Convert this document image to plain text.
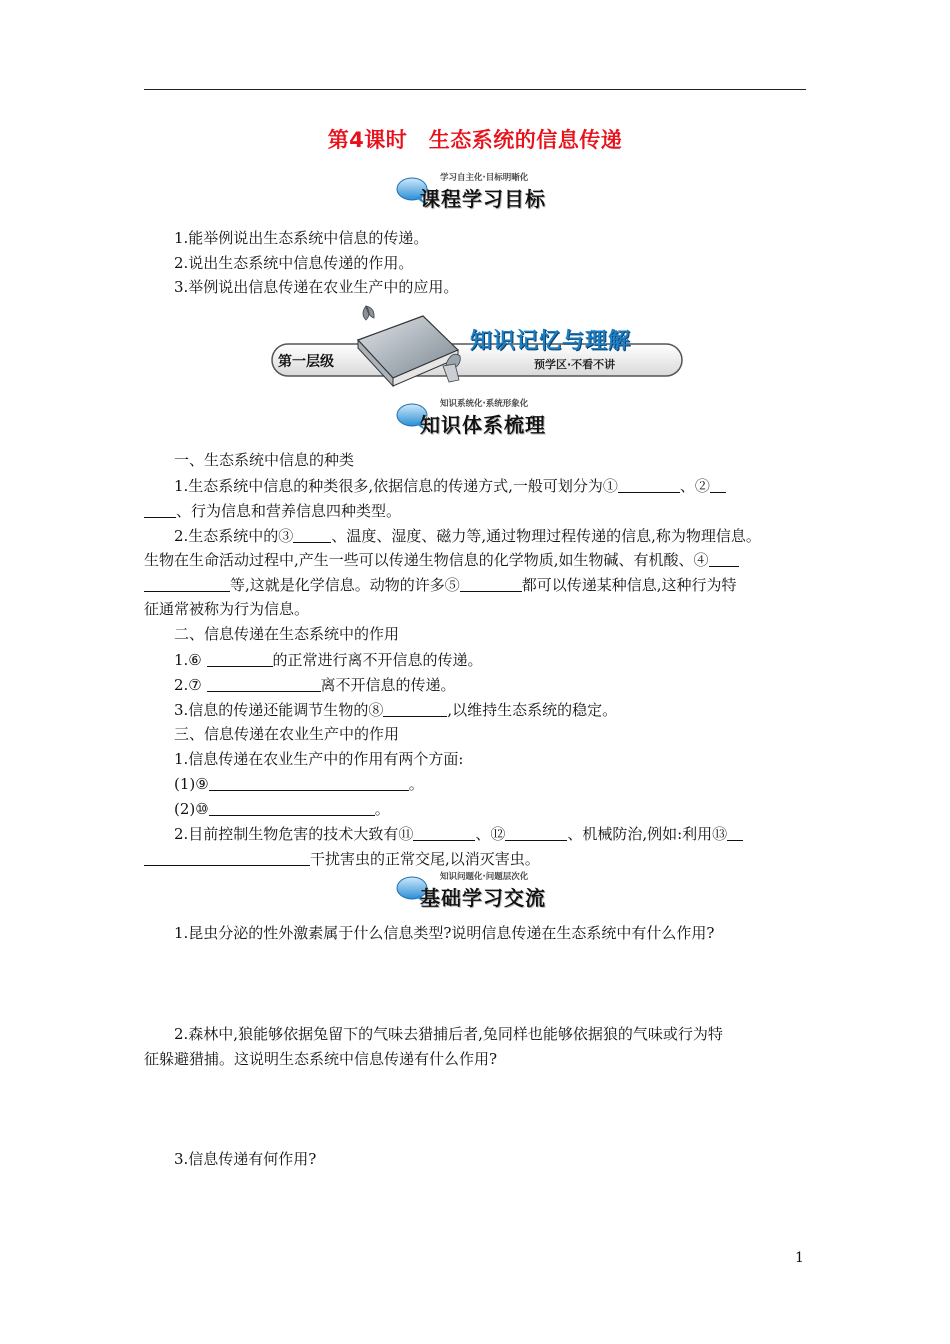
第4课时　生态系统的信息传递
学习自主化·目标明晰化
课程学习目标
1.能举例说出生态系统中信息的传递。
2.说出生态系统中信息传递的作用。
3.举例说出信息传递在农业生产中的应用。
第一层级
知识记忆与理解
预学区·不看不讲
知识系统化·系统形象化
知识体系梳理
一、生态系统中信息的种类
1.生态系统中信息的种类很多,依据信息的传递方式,一般可划分为①	、②
、行为信息和营养信息四种类型。
2.生态系统中的③	、温度、湿度、磁力等,通过物理过程传递的信息,称为物理信息。
生物在生命活动过程中,产生一些可以传递生物信息的化学物质,如生物碱、有机酸、④
等,这就是化学信息。动物的许多⑤	都可以传递某种信息,这种行为特
征通常被称为行为信息。
二、信息传递在生态系统中的作用
1.⑥	的正常进行离不开信息的传递。
2.⑦	离不开信息的传递。
3.信息的传递还能调节生物的⑧	,以维持生态系统的稳定。
三、信息传递在农业生产中的作用
1.信息传递在农业生产中的作用有两个方面:
(1)⑨	。
(2)⑩	。
2.目前控制生物危害的技术大致有⑪	、⑫	、机械防治,例如:利用⑬
干扰害虫的正常交尾,以消灭害虫。
知识问题化·问题层次化
基础学习交流
1.昆虫分泌的性外激素属于什么信息类型?说明信息传递在生态系统中有什么作用?
2.森林中,狼能够依据兔留下的气味去猎捕后者,兔同样也能够依据狼的气味或行为特
征躲避猎捕。这说明生态系统中信息传递有什么作用?
3.信息传递有何作用?
1
